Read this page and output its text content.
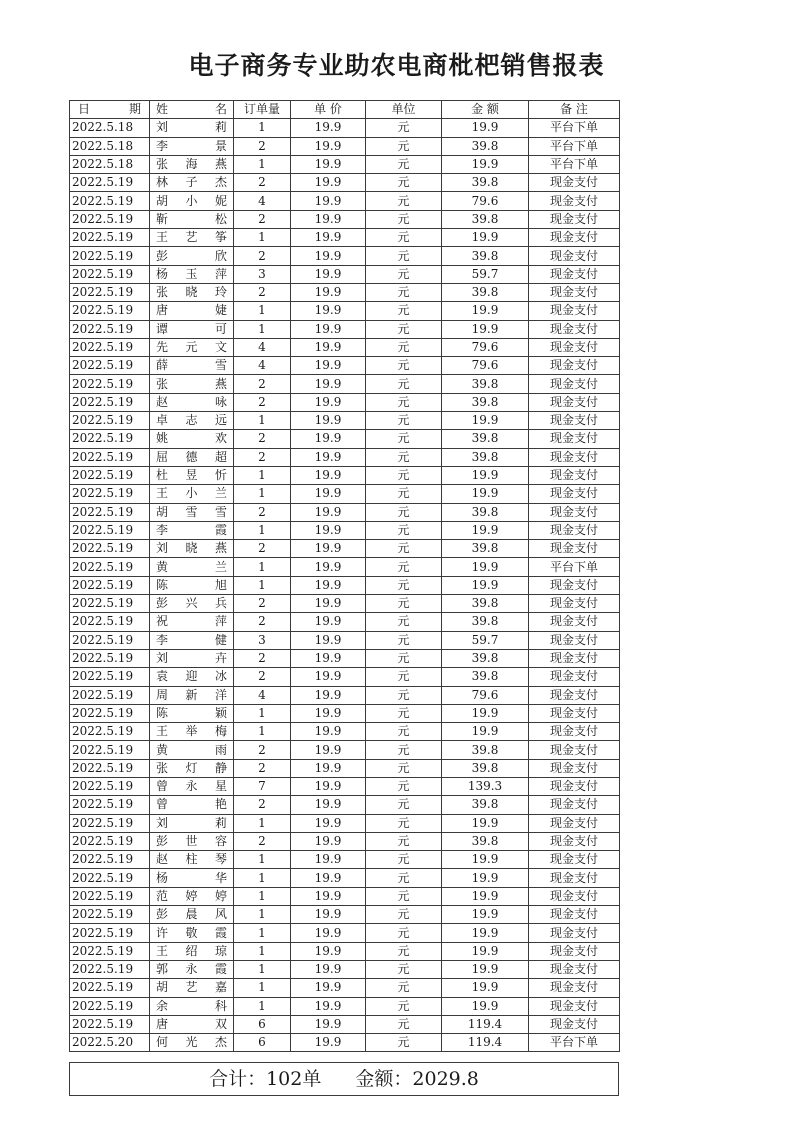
电子商务专业助农电商枇杷销售报表
日　期	姓　名	订单量	单 价	单位	金 额	备 注
2022.5.18	刘莉	1	19.9	元	19.9	平台下单
2022.5.18	李景	2	19.9	元	39.8	平台下单
2022.5.18	张海燕	1	19.9	元	19.9	平台下单
2022.5.19	林子杰	2	19.9	元	39.8	现金支付
2022.5.19	胡小妮	4	19.9	元	79.6	现金支付
2022.5.19	靳松	2	19.9	元	39.8	现金支付
2022.5.19	王艺筝	1	19.9	元	19.9	现金支付
2022.5.19	彭欣	2	19.9	元	39.8	现金支付
2022.5.19	杨玉萍	3	19.9	元	59.7	现金支付
2022.5.19	张晓玲	2	19.9	元	39.8	现金支付
2022.5.19	唐婕	1	19.9	元	19.9	现金支付
2022.5.19	谭可	1	19.9	元	19.9	现金支付
2022.5.19	先元文	4	19.9	元	79.6	现金支付
2022.5.19	薛雪	4	19.9	元	79.6	现金支付
2022.5.19	张燕	2	19.9	元	39.8	现金支付
2022.5.19	赵咏	2	19.9	元	39.8	现金支付
2022.5.19	卓志远	1	19.9	元	19.9	现金支付
2022.5.19	姚欢	2	19.9	元	39.8	现金支付
2022.5.19	屈德超	2	19.9	元	39.8	现金支付
2022.5.19	杜昱忻	1	19.9	元	19.9	现金支付
2022.5.19	王小兰	1	19.9	元	19.9	现金支付
2022.5.19	胡雪雪	2	19.9	元	39.8	现金支付
2022.5.19	李霞	1	19.9	元	19.9	现金支付
2022.5.19	刘晓燕	2	19.9	元	39.8	现金支付
2022.5.19	黄兰	1	19.9	元	19.9	平台下单
2022.5.19	陈旭	1	19.9	元	19.9	现金支付
2022.5.19	彭兴兵	2	19.9	元	39.8	现金支付
2022.5.19	祝萍	2	19.9	元	39.8	现金支付
2022.5.19	李健	3	19.9	元	59.7	现金支付
2022.5.19	刘卉	2	19.9	元	39.8	现金支付
2022.5.19	袁迎冰	2	19.9	元	39.8	现金支付
2022.5.19	周新洋	4	19.9	元	79.6	现金支付
2022.5.19	陈颖	1	19.9	元	19.9	现金支付
2022.5.19	王举梅	1	19.9	元	19.9	现金支付
2022.5.19	黄雨	2	19.9	元	39.8	现金支付
2022.5.19	张灯静	2	19.9	元	39.8	现金支付
2022.5.19	曾永星	7	19.9	元	139.3	现金支付
2022.5.19	曾艳	2	19.9	元	39.8	现金支付
2022.5.19	刘莉	1	19.9	元	19.9	现金支付
2022.5.19	彭世容	2	19.9	元	39.8	现金支付
2022.5.19	赵柱琴	1	19.9	元	19.9	现金支付
2022.5.19	杨华	1	19.9	元	19.9	现金支付
2022.5.19	范婷婷	1	19.9	元	19.9	现金支付
2022.5.19	彭晨风	1	19.9	元	19.9	现金支付
2022.5.19	许敬霞	1	19.9	元	19.9	现金支付
2022.5.19	王绍琼	1	19.9	元	19.9	现金支付
2022.5.19	郭永霞	1	19.9	元	19.9	现金支付
2022.5.19	胡艺嘉	1	19.9	元	19.9	现金支付
2022.5.19	余科	1	19.9	元	19.9	现金支付
2022.5.19	唐双	6	19.9	元	119.4	现金支付
2022.5.20	何光杰	6	19.9	元	119.4	平台下单
合计：102单 金额：2029.8
